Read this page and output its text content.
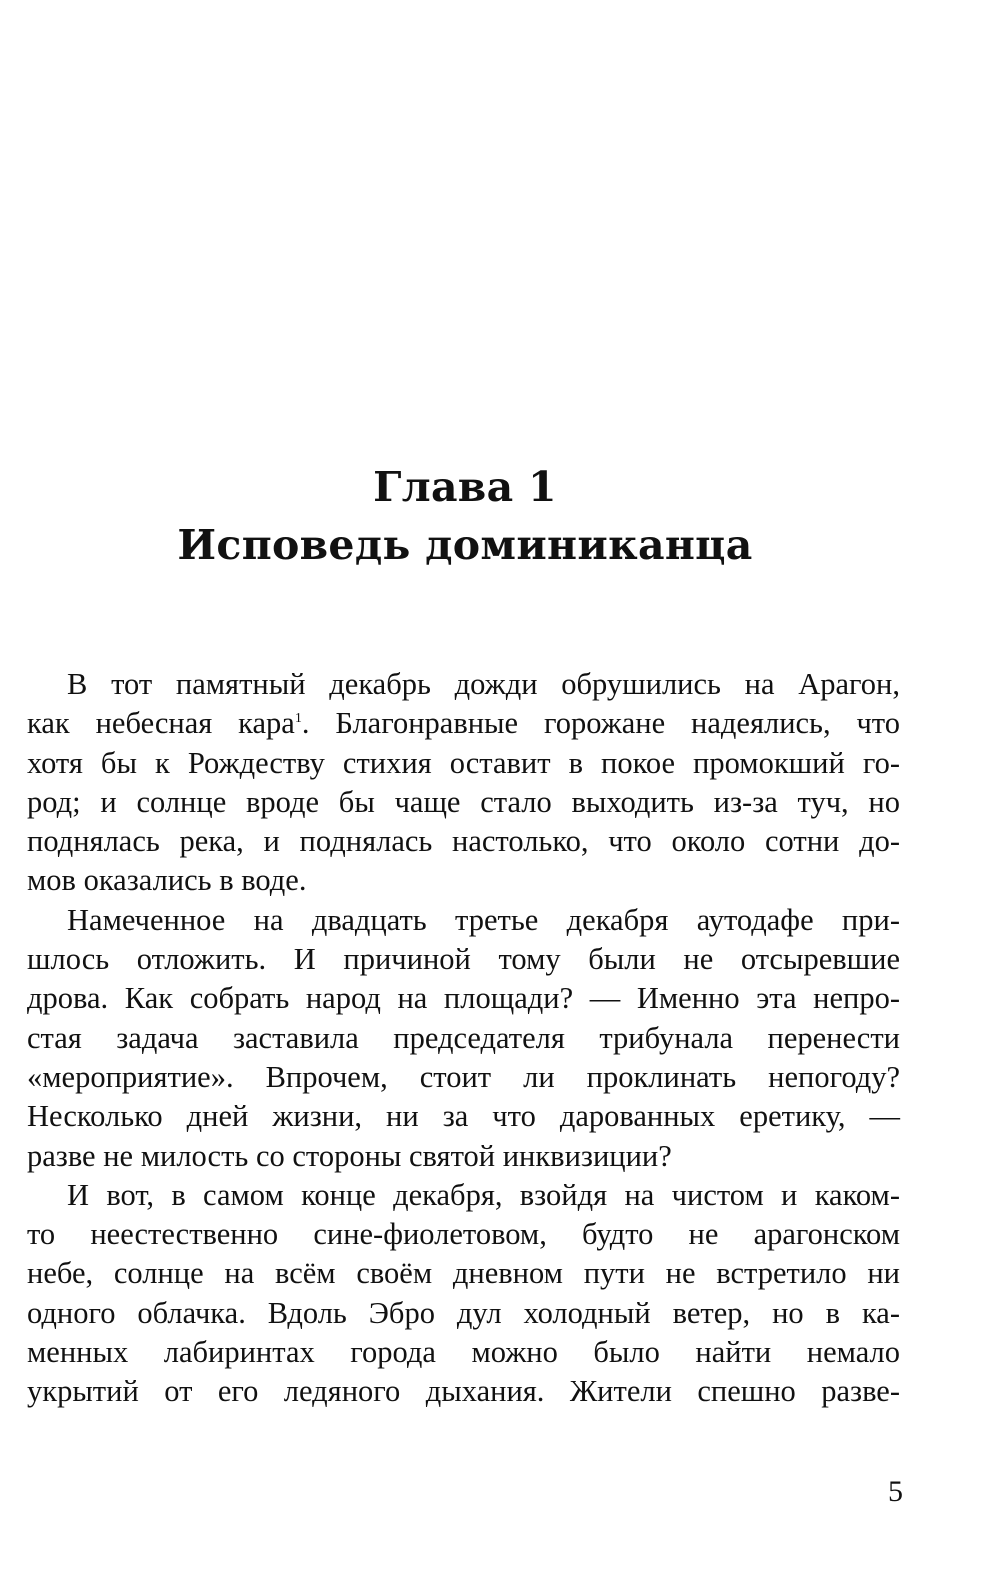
Глава 1
Исповедь доминиканца
В тот памятный декабрь дожди обрушились на Арагон,
как небесная кара$^1$. Благонравные горожане надеялись, что
хотя бы к Рождеству стихия оставит в покое промокший го-
род; и солнце вроде бы чаще стало выходить из-за туч, но
поднялась река, и поднялась настолько, что около сотни до-
мов оказались в воде.
Намеченное на двадцать третье декабря аутодафе при-
шлось отложить. И причиной тому были не отсыревшие
дрова. Как собрать народ на площади? — Именно эта непро-
стая задача заставила председателя трибунала перенести
«мероприятие». Впрочем, стоит ли проклинать непогоду?
Несколько дней жизни, ни за что дарованных еретику, —
разве не милость со стороны святой инквизиции?
И вот, в самом конце декабря, взойдя на чистом и каком-
то неестественно сине-фиолетовом, будто не арагонском
небе, солнце на всём своём дневном пути не встретило ни
одного облачка. Вдоль Эбро дул холодный ветер, но в ка-
менных лабиринтах города можно было найти немало
укрытий от его ледяного дыхания. Жители спешно разве-
5
